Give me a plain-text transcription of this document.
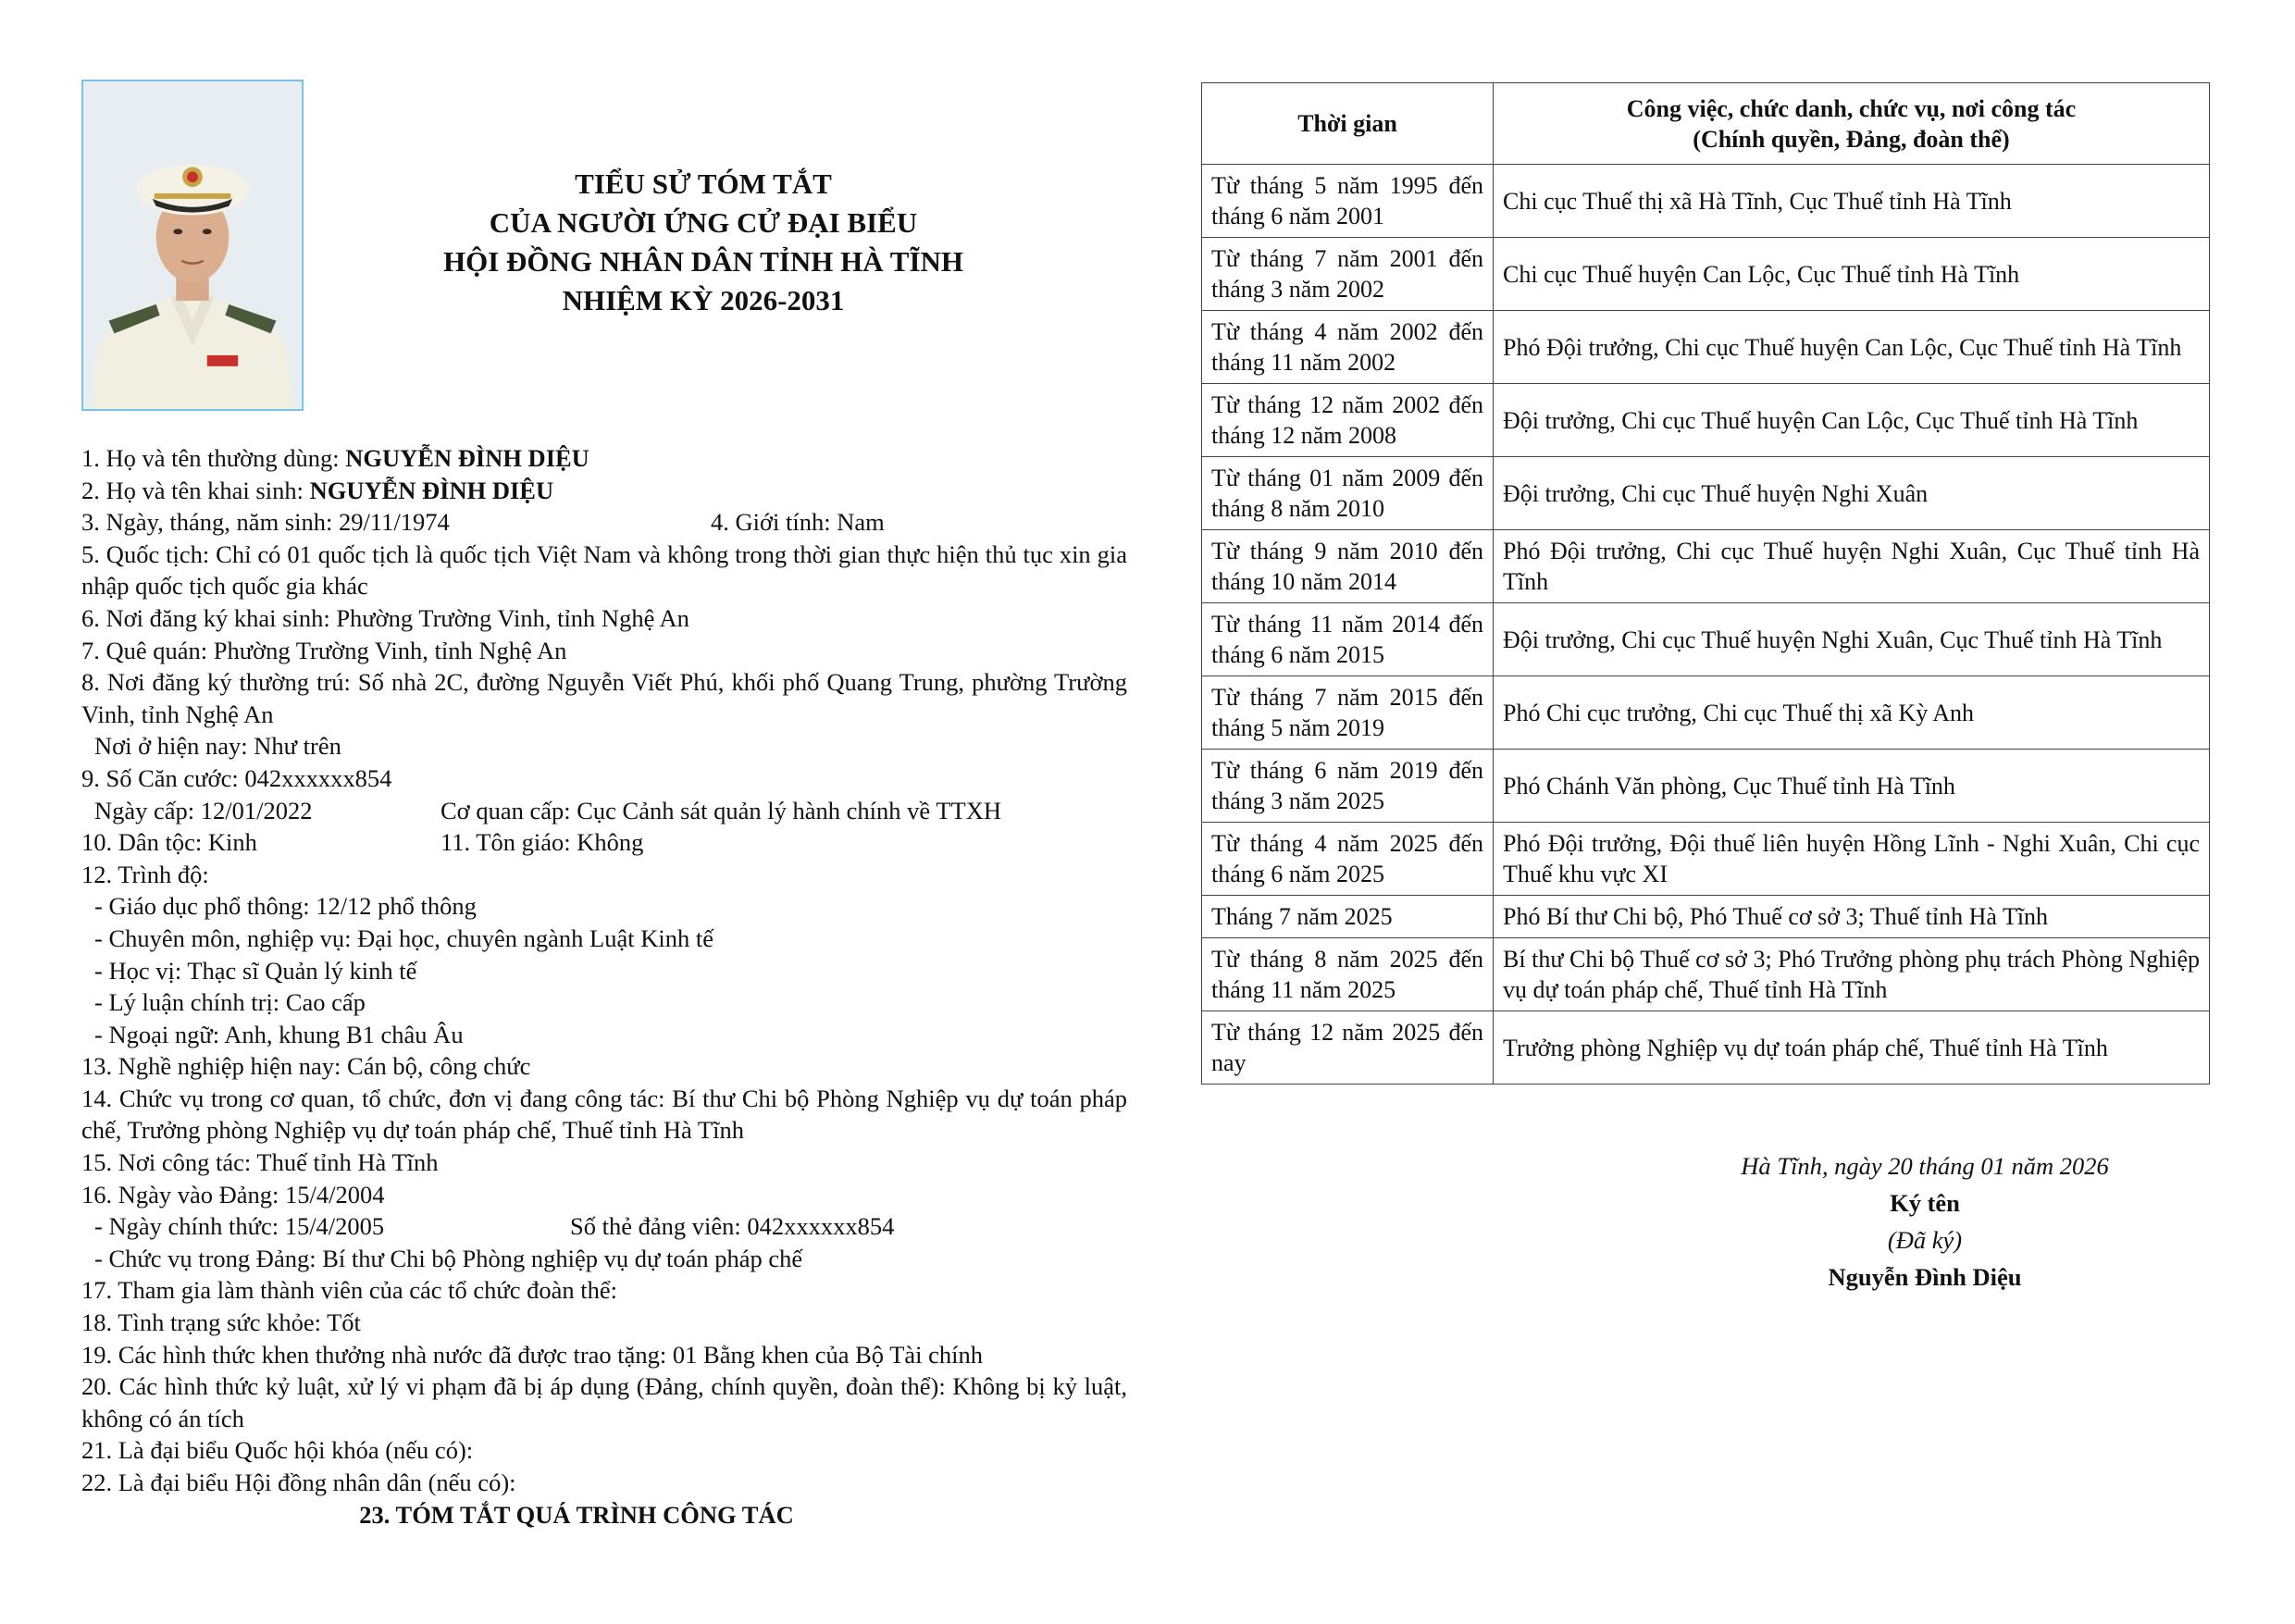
TIỂU SỬ TÓM TẮT
CỦA NGƯỜI ỨNG CỬ ĐẠI BIỂU
HỘI ĐỒNG NHÂN DÂN TỈNH HÀ TĨNH
NHIỆM KỲ 2026-2031

1. Họ và tên thường dùng: NGUYỄN ĐÌNH DIỆU

2. Họ và tên khai sinh: NGUYỄN ĐÌNH DIỆU

3. Ngày, tháng, năm sinh: 29/11/1974	4. Giới tính: Nam

5. Quốc tịch: Chỉ có 01 quốc tịch là quốc tịch Việt Nam và không trong thời gian thực hiện thủ tục xin gia nhập quốc tịch quốc gia khác

6. Nơi đăng ký khai sinh: Phường Trường Vinh, tỉnh Nghệ An

7. Quê quán: Phường Trường Vinh, tỉnh Nghệ An

8. Nơi đăng ký thường trú: Số nhà 2C, đường Nguyễn Viết Phú, khối phố Quang Trung, phường Trường Vinh, tỉnh Nghệ An

Nơi ở hiện nay: Như trên

9. Số Căn cước: 042xxxxxx854

Ngày cấp: 12/01/2022	Cơ quan cấp: Cục Cảnh sát quản lý hành chính về TTXH
10. Dân tộc: Kinh	11. Tôn giáo: Không

12. Trình độ:

- Giáo dục phổ thông: 12/12 phổ thông

- Chuyên môn, nghiệp vụ: Đại học, chuyên ngành Luật Kinh tế

- Học vị: Thạc sĩ Quản lý kinh tế

- Lý luận chính trị: Cao cấp

- Ngoại ngữ: Anh, khung B1 châu Âu

13. Nghề nghiệp hiện nay: Cán bộ, công chức

14. Chức vụ trong cơ quan, tổ chức, đơn vị đang công tác: Bí thư Chi bộ Phòng Nghiệp vụ dự toán pháp chế, Trưởng phòng Nghiệp vụ dự toán pháp chế, Thuế tỉnh Hà Tĩnh

15. Nơi công tác: Thuế tỉnh Hà Tĩnh

16. Ngày vào Đảng: 15/4/2004

- Ngày chính thức: 15/4/2005	Số thẻ đảng viên: 042xxxxxx854

- Chức vụ trong Đảng: Bí thư Chi bộ Phòng nghiệp vụ dự toán pháp chế

17. Tham gia làm thành viên của các tổ chức đoàn thể:

18. Tình trạng sức khỏe: Tốt

19. Các hình thức khen thưởng nhà nước đã được trao tặng: 01 Bằng khen của Bộ Tài chính

20. Các hình thức kỷ luật, xử lý vi phạm đã bị áp dụng (Đảng, chính quyền, đoàn thể): Không bị kỷ luật, không có án tích

21. Là đại biểu Quốc hội khóa (nếu có):

22. Là đại biểu Hội đồng nhân dân (nếu có):

23. TÓM TẮT QUÁ TRÌNH CÔNG TÁC

Thời gian	Công việc, chức danh, chức vụ, nơi công tác
(Chính quyền, Đảng, đoàn thể)

Từ tháng 5 năm 1995 đến tháng 6 năm 2001	Chi cục Thuế thị xã Hà Tĩnh, Cục Thuế tỉnh Hà Tĩnh
Từ tháng 7 năm 2001 đến tháng 3 năm 2002	Chi cục Thuế huyện Can Lộc, Cục Thuế tỉnh Hà Tĩnh
Từ tháng 4 năm 2002 đến tháng 11 năm 2002	Phó Đội trưởng, Chi cục Thuế huyện Can Lộc, Cục Thuế tỉnh Hà Tĩnh
Từ tháng 12 năm 2002 đến tháng 12 năm 2008	Đội trưởng, Chi cục Thuế huyện Can Lộc, Cục Thuế tỉnh Hà Tĩnh
Từ tháng 01 năm 2009 đến tháng 8 năm 2010	Đội trưởng, Chi cục Thuế huyện Nghi Xuân
Từ tháng 9 năm 2010 đến tháng 10 năm 2014	Phó Đội trưởng, Chi cục Thuế huyện Nghi Xuân, Cục Thuế tỉnh Hà Tĩnh
Từ tháng 11 năm 2014 đến tháng 6 năm 2015	Đội trưởng, Chi cục Thuế huyện Nghi Xuân, Cục Thuế tỉnh Hà Tĩnh
Từ tháng 7 năm 2015 đến tháng 5 năm 2019	Phó Chi cục trưởng, Chi cục Thuế thị xã Kỳ Anh
Từ tháng 6 năm 2019 đến tháng 3 năm 2025	Phó Chánh Văn phòng, Cục Thuế tỉnh Hà Tĩnh
Từ tháng 4 năm 2025 đến tháng 6 năm 2025	Phó Đội trưởng, Đội thuế liên huyện Hồng Lĩnh - Nghi Xuân, Chi cục Thuế khu vực XI
Tháng 7 năm 2025	Phó Bí thư Chi bộ, Phó Thuế cơ sở 3; Thuế tỉnh Hà Tĩnh
Từ tháng 8 năm 2025 đến tháng 11 năm 2025	Bí thư Chi bộ Thuế cơ sở 3; Phó Trưởng phòng phụ trách Phòng Nghiệp vụ dự toán pháp chế, Thuế tỉnh Hà Tĩnh
Từ tháng 12 năm 2025 đến nay	Trưởng phòng Nghiệp vụ dự toán pháp chế, Thuế tỉnh Hà Tĩnh
Hà Tĩnh, ngày 20 tháng 01 năm 2026
Ký tên
(Đã ký)
Nguyễn Đình Diệu
